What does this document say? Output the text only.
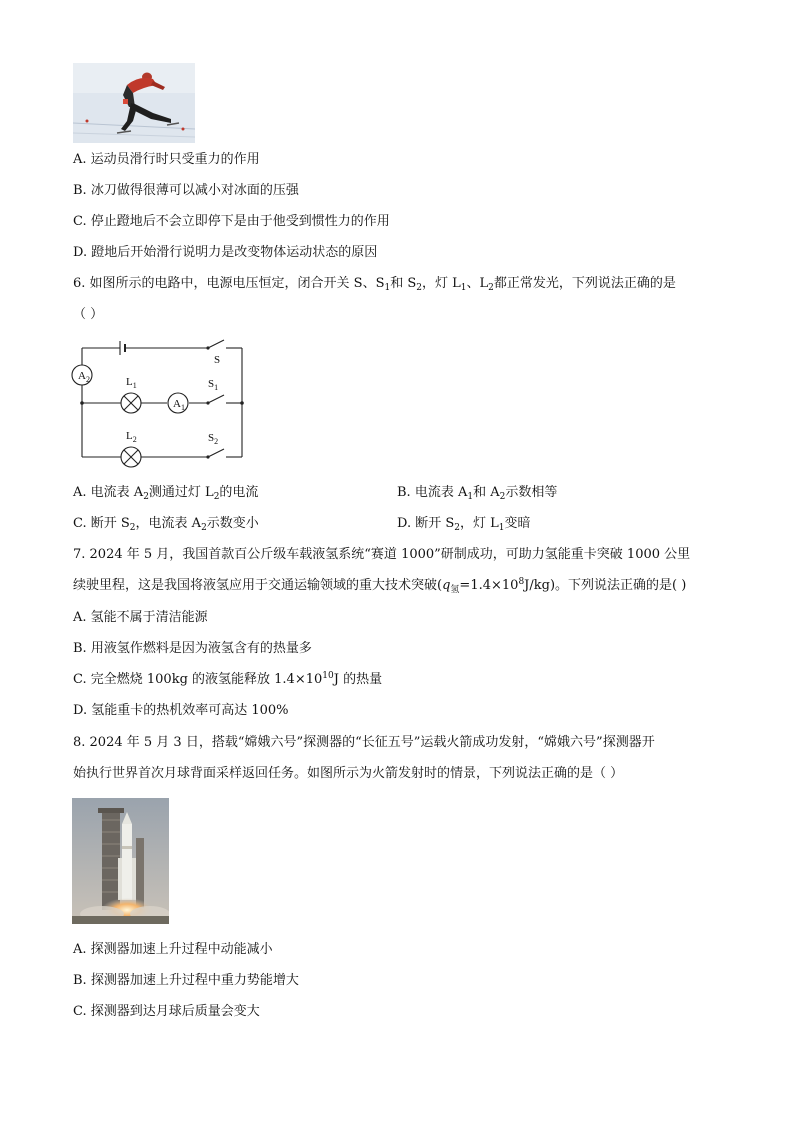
A. 运动员滑行时只受重力的作用
B. 冰刀做得很薄可以减小对冰面的压强
C. 停止蹬地后不会立即停下是由于他受到惯性力的作用
D. 蹬地后开始滑行说明力是改变物体运动状态的原因
6. 如图所示的电路中，电源电压恒定，闭合开关 S、$S_1$和 $S_2$，灯 $L_1$、$L_2$都正常发光，下列说法正确的是
（ ）
$A_2$
$A_1$
$L_1$
$L_2$
S
$S_1$
$S_2$
A. 电流表 $A_2$测通过灯 $L_2$的电流	B. 电流表 $A_1$和 $A_2$示数相等
C. 断开 $S_2$，电流表 $A_2$示数变小	D. 断开 $S_2$，灯 $L_1$变暗
7. 2024 年 5 月，我国首款百公斤级车载液氢系统“赛道 1000”研制成功，可助力氢能重卡突破 1000 公里
续驶里程，这是我国将液氢应用于交通运输领域的重大技术突破$(q_氢=1.4\times 10^8J/kg)$。下列说法正确的是( )
A. 氢能不属于清洁能源
B. 用液氢作燃料是因为液氢含有的热量多
C. 完全燃烧 100kg 的液氢能释放 $1.4\times 10^{10}J$ 的热量
D. 氢能重卡的热机效率可高达 100%
8. 2024 年 5 月 3 日，搭载“嫦娥六号”探测器的“长征五号”运载火箭成功发射，“嫦娥六号”探测器开
始执行世界首次月球背面采样返回任务。如图所示为火箭发射时的情景，下列说法正确的是（ ）
A. 探测器加速上升过程中动能减小
B. 探测器加速上升过程中重力势能增大
C. 探测器到达月球后质量会变大
